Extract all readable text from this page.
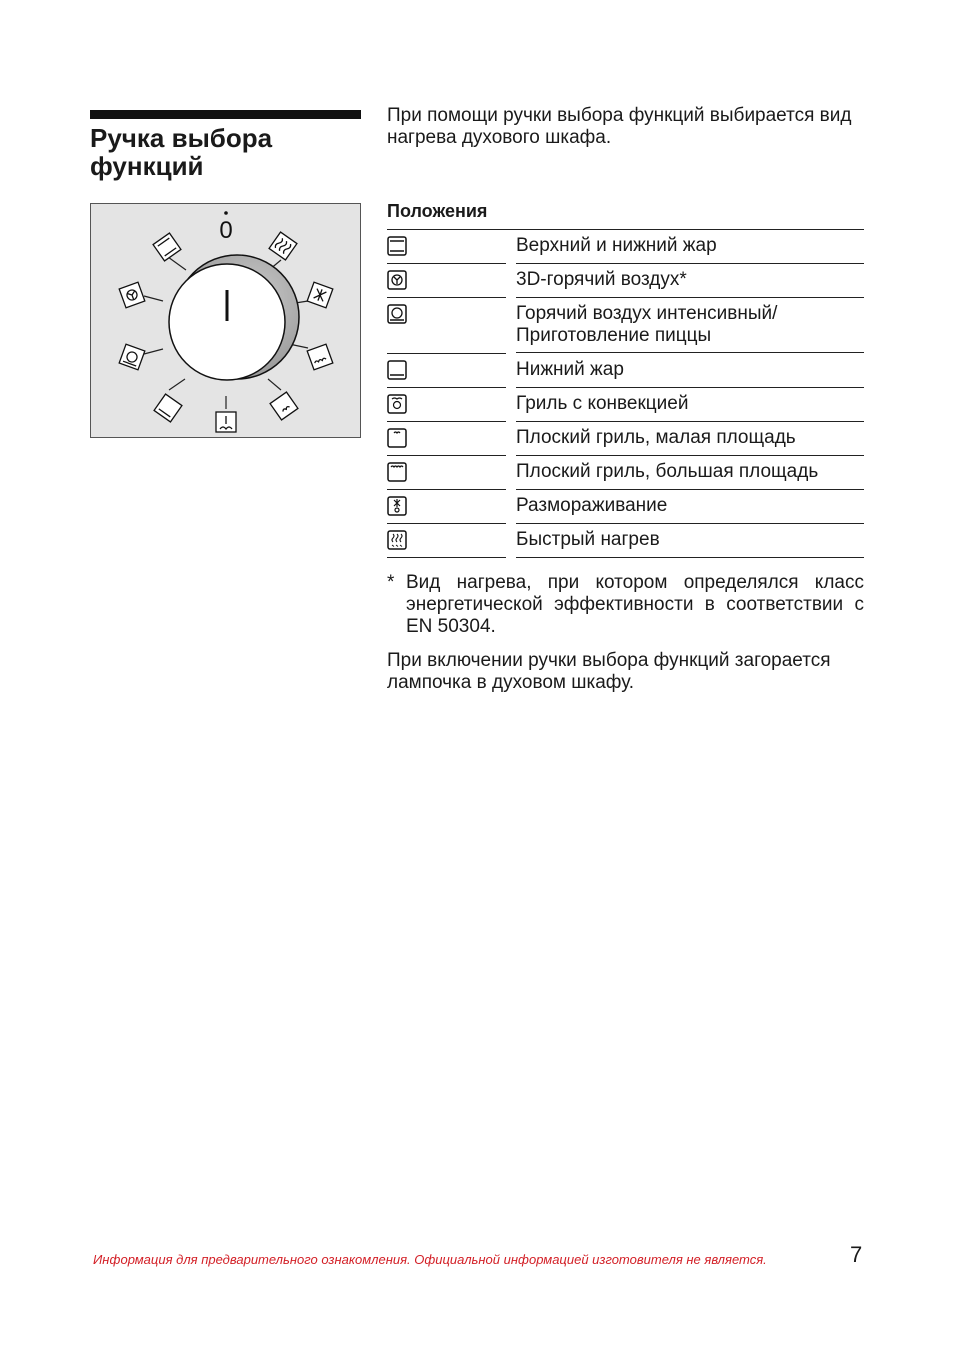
Ручка выбора функций
0

При помощи ручки выбора функций выбирается вид нагрева духового шкафа.

Положения

Верхний и нижний жар
3D-горячий воздух*
Горячий воздух интенсивный/ Приготовление пиццы
Нижний жар
Гриль с конвекцией
Плоский гриль, малая площадь
Плоский гриль, большая площадь
Размораживание
Быстрый нагрев
* Вид нагрева, при котором определялся класс энергетической эффективности в соответствии с EN 50304.

При включении ручки выбора функций загорается лампочка в духовом шкафу.

Информация для предварительного ознакомления. Официальной информацией изготовителя не является.	7
